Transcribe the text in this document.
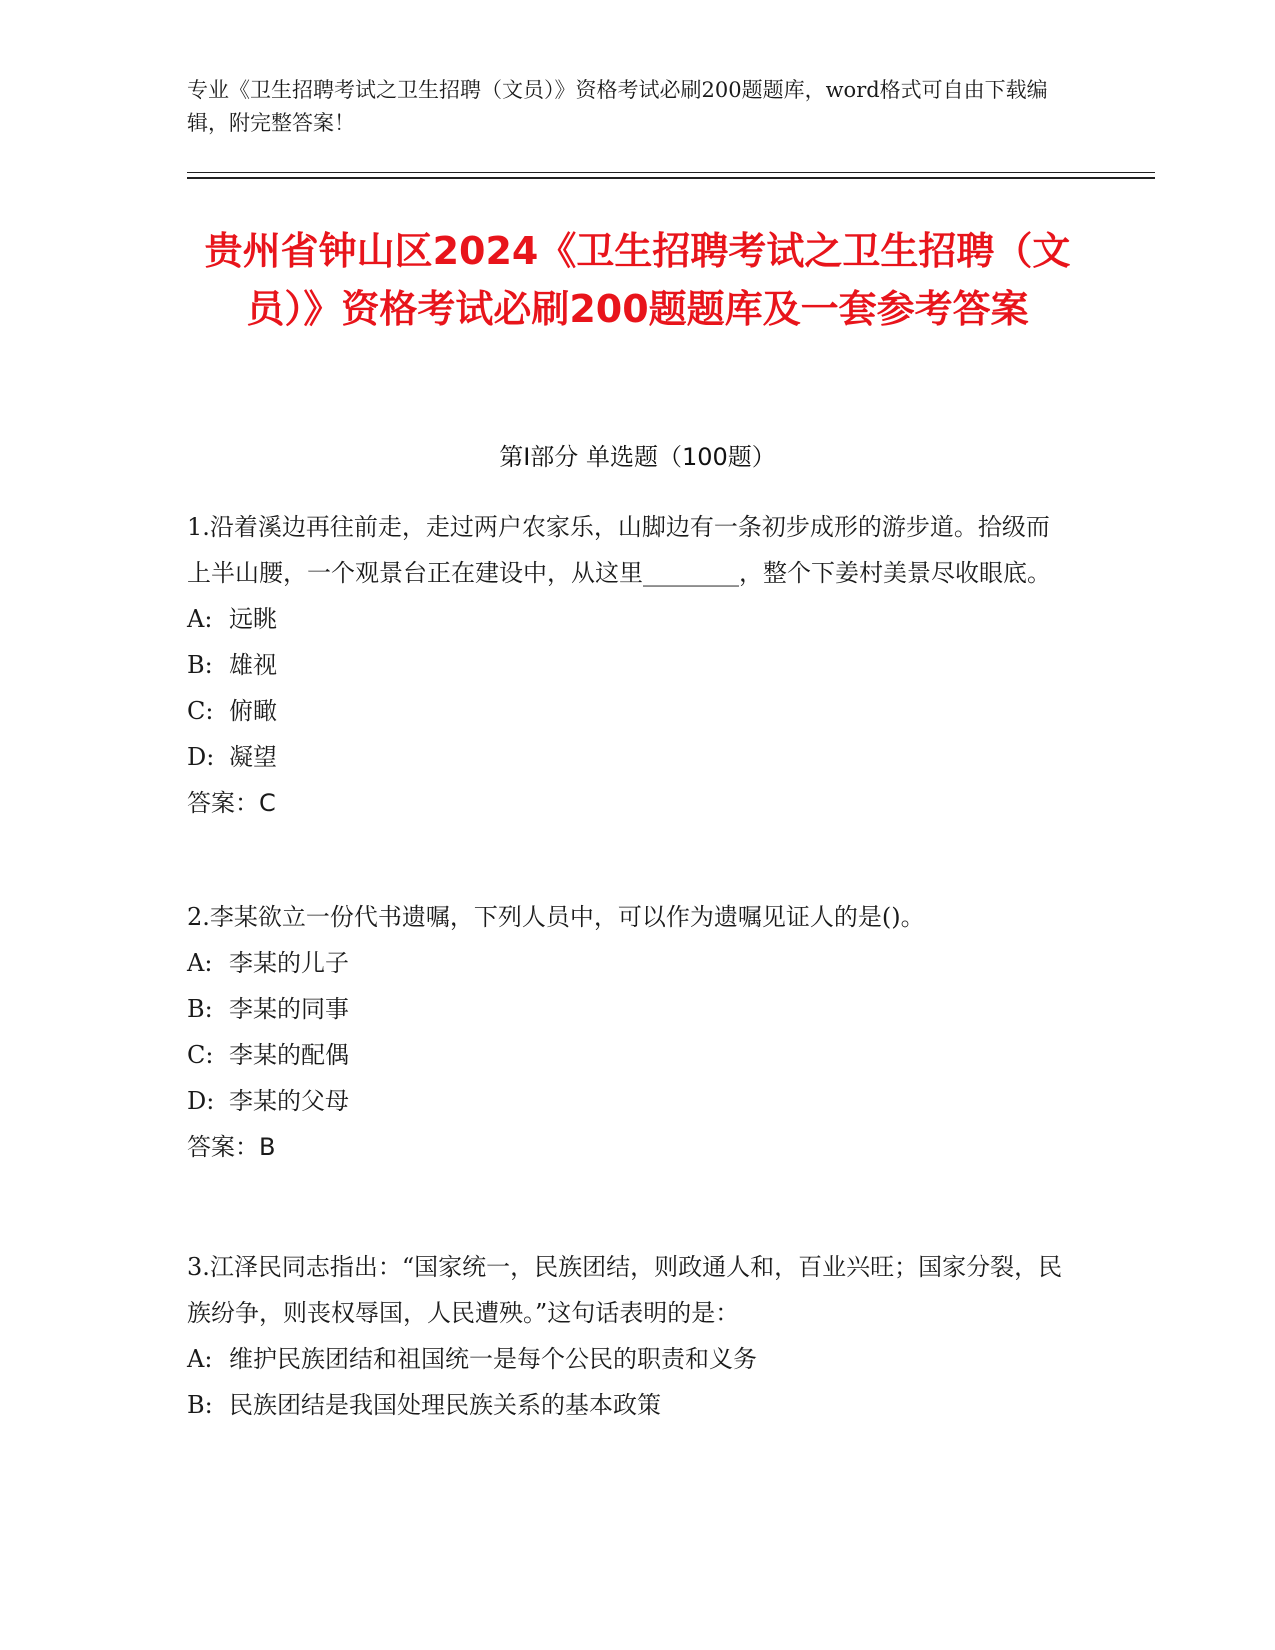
专业《卫生招聘考试之卫生招聘（文员）》资格考试必刷200题题库，word格式可自由下载编辑，附完整答案！
贵州省钟山区2024《卫生招聘考试之卫生招聘（文员）》资格考试必刷200题题库及一套参考答案
第Ⅰ部分 单选题（100题）

1.沿着溪边再往前走，走过两户农家乐，山脚边有一条初步成形的游步道。拾级而上半山腰，一个观景台正在建设中，从这里________，整个下姜村美景尽收眼底。

A: 远眺

B: 雄视

C: 俯瞰

D: 凝望

答案：C

2.李某欲立一份代书遗嘱，下列人员中，可以作为遗嘱见证人的是()。

A: 李某的儿子

B: 李某的同事

C: 李某的配偶

D: 李某的父母

答案：B

3.江泽民同志指出：“国家统一，民族团结，则政通人和，百业兴旺；国家分裂，民族纷争，则丧权辱国，人民遭殃。”这句话表明的是：

A: 维护民族团结和祖国统一是每个公民的职责和义务

B: 民族团结是我国处理民族关系的基本政策
